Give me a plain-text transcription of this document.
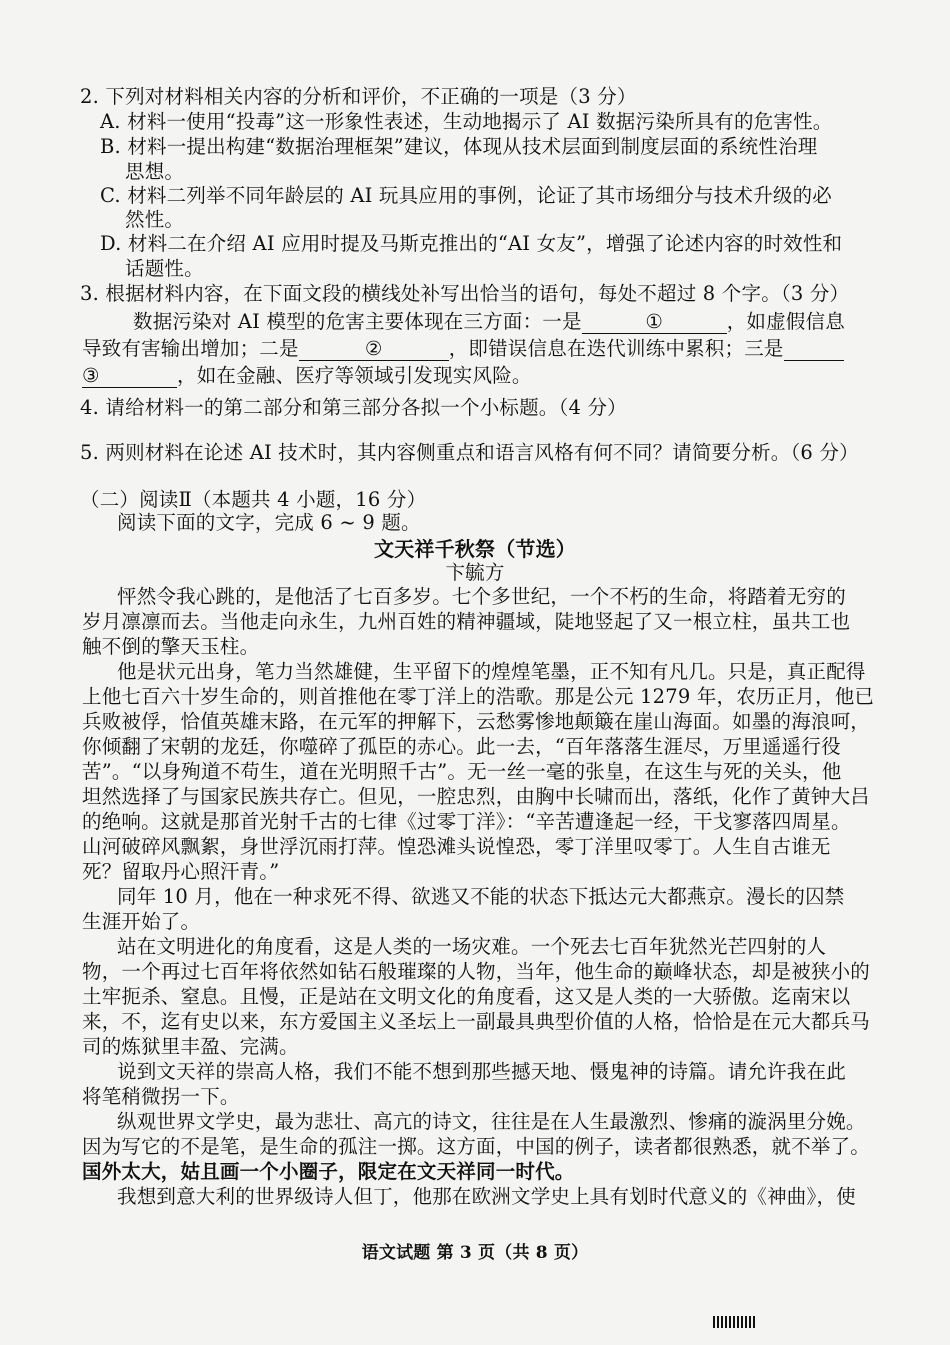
2. 下列对材料相关内容的分析和评价，不正确的一项是（3 分）
A. 材料一使用“投毒”这一形象性表述，生动地揭示了 AI 数据污染所具有的危害性。
B. 材料一提出构建“数据治理框架”建议，体现从技术层面到制度层面的系统性治理
思想。
C. 材料二列举不同年龄层的 AI 玩具应用的事例，论证了其市场细分与技术升级的必
然性。
D. 材料二在介绍 AI 应用时提及马斯克推出的“AI 女友”，增强了论述内容的时效性和
话题性。
3. 根据材料内容，在下面文段的横线处补写出恰当的语句，每处不超过 8 个字。（3 分）
数据污染对 AI 模型的危害主要体现在三方面：一是	①	，如虚假信息
导致有害输出增加；二是	②	，即错误信息在迭代训练中累积；三是
③	，如在金融、医疗等领域引发现实风险。
4. 请给材料一的第二部分和第三部分各拟一个小标题。（4 分）
5. 两则材料在论述 AI 技术时，其内容侧重点和语言风格有何不同？请简要分析。（6 分）
（二）阅读Ⅱ（本题共 4 小题，16 分）
阅读下面的文字，完成 6 ~ 9 题。
文天祥千秋祭（节选）
卞毓方
怦然令我心跳的，是他活了七百多岁。七个多世纪，一个不朽的生命，将踏着无穷的
岁月凛凛而去。当他走向永生，九州百姓的精神疆域，陡地竖起了又一根立柱，虽共工也
触不倒的擎天玉柱。
他是状元出身，笔力当然雄健，生平留下的煌煌笔墨，正不知有凡几。只是，真正配得
上他七百六十岁生命的，则首推他在零丁洋上的浩歌。那是公元 1279 年，农历正月，他已
兵败被俘，恰值英雄末路，在元军的押解下，云愁雾惨地颠簸在崖山海面。如墨的海浪呵，
你倾翻了宋朝的龙廷，你噬碎了孤臣的赤心。此一去，“百年落落生涯尽，万里遥遥行役
苦”。“以身殉道不苟生，道在光明照千古”。无一丝一毫的张皇，在这生与死的关头，他
坦然选择了与国家民族共存亡。但见，一腔忠烈，由胸中长啸而出，落纸，化作了黄钟大吕
的绝响。这就是那首光射千古的七律《过零丁洋》：“辛苦遭逢起一经，干戈寥落四周星。
山河破碎风飘絮，身世浮沉雨打萍。惶恐滩头说惶恐，零丁洋里叹零丁。人生自古谁无
死？留取丹心照汗青。”
同年 10 月，他在一种求死不得、欲逃又不能的状态下抵达元大都燕京。漫长的囚禁
生涯开始了。
站在文明进化的角度看，这是人类的一场灾难。一个死去七百年犹然光芒四射的人
物，一个再过七百年将依然如钻石般璀璨的人物，当年，他生命的巅峰状态，却是被狭小的
土牢扼杀、窒息。且慢，正是站在文明文化的角度看，这又是人类的一大骄傲。迄南宋以
来，不，迄有史以来，东方爱国主义圣坛上一副最具典型价值的人格，恰恰是在元大都兵马
司的炼狱里丰盈、完满。
说到文天祥的崇高人格，我们不能不想到那些撼天地、慑鬼神的诗篇。请允许我在此
将笔稍微拐一下。
纵观世界文学史，最为悲壮、高亢的诗文，往往是在人生最激烈、惨痛的漩涡里分娩。
因为写它的不是笔，是生命的孤注一掷。这方面，中国的例子，读者都很熟悉，就不举了。
国外太大，姑且画一个小圈子，限定在文天祥同一时代。
我想到意大利的世界级诗人但丁，他那在欧洲文学史上具有划时代意义的《神曲》，使
语文试题 第 3 页（共 8 页）
